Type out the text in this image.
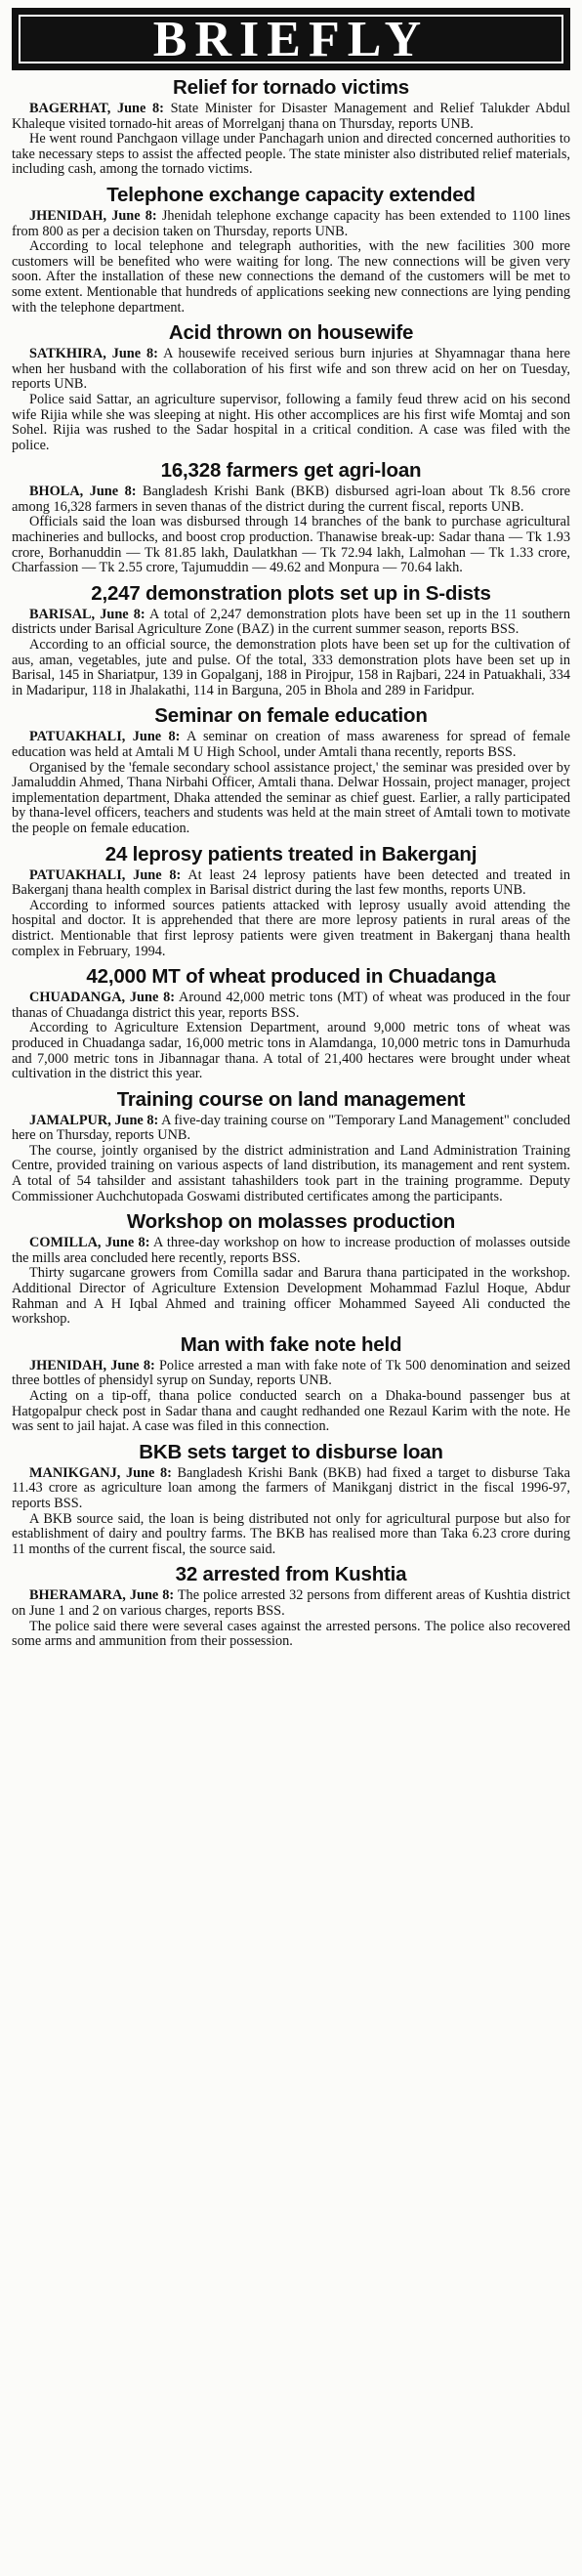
BRIEFLY
Relief for tornado victims

BAGERHAT, June 8: State Minister for Disaster Management and Relief Talukder Abdul Khaleque visited tornado-hit areas of Morrelganj thana on Thursday, reports UNB.

He went round Panchgaon village under Panchagarh union and directed concerned authorities to take necessary steps to assist the affected people. The state minister also distributed relief materials, including cash, among the tornado victims.

Telephone exchange capacity extended

JHENIDAH, June 8: Jhenidah telephone exchange capacity has been extended to 1100 lines from 800 as per a decision taken on Thursday, reports UNB.

According to local telephone and telegraph authorities, with the new facilities 300 more customers will be benefited who were waiting for long. The new connections will be given very soon. After the installation of these new connections the demand of the customers will be met to some extent. Mentionable that hundreds of applications seeking new connections are lying pending with the telephone department.

Acid thrown on housewife

SATKHIRA, June 8: A housewife received serious burn injuries at Shyamnagar thana here when her husband with the collaboration of his first wife and son threw acid on her on Tuesday, reports UNB.

Police said Sattar, an agriculture supervisor, following a family feud threw acid on his second wife Rijia while she was sleeping at night. His other accomplices are his first wife Momtaj and son Sohel. Rijia was rushed to the Sadar hospital in a critical condition. A case was filed with the police.

16,328 farmers get agri-loan

BHOLA, June 8: Bangladesh Krishi Bank (BKB) disbursed agri-loan about Tk 8.56 crore among 16,328 farmers in seven thanas of the district during the current fiscal, reports UNB.

Officials said the loan was disbursed through 14 branches of the bank to purchase agricultural machineries and bullocks, and boost crop production. Thanawise break-up: Sadar thana — Tk 1.93 crore, Borhanuddin — Tk 81.85 lakh, Daulatkhan — Tk 72.94 lakh, Lalmohan — Tk 1.33 crore, Charfassion — Tk 2.55 crore, Tajumuddin — 49.62 and Monpura — 70.64 lakh.

2,247 demonstration plots set up in S-dists

BARISAL, June 8: A total of 2,247 demonstration plots have been set up in the 11 southern districts under Barisal Agriculture Zone (BAZ) in the current summer season, reports BSS.

According to an official source, the demonstration plots have been set up for the cultivation of aus, aman, vegetables, jute and pulse. Of the total, 333 demonstration plots have been set up in Barisal, 145 in Shariatpur, 139 in Gopalganj, 188 in Pirojpur, 158 in Rajbari, 224 in Patuakhali, 334 in Madaripur, 118 in Jhalakathi, 114 in Barguna, 205 in Bhola and 289 in Faridpur.

Seminar on female education

PATUAKHALI, June 8: A seminar on creation of mass awareness for spread of female education was held at Amtali M U High School, under Amtali thana recently, reports BSS.

Organised by the 'female secondary school assistance project,' the seminar was presided over by Jamaluddin Ahmed, Thana Nirbahi Officer, Amtali thana. Delwar Hossain, project manager, project implementation department, Dhaka attended the seminar as chief guest. Earlier, a rally participated by thana-level officers, teachers and students was held at the main street of Amtali town to motivate the people on female education.

24 leprosy patients treated in Bakerganj

PATUAKHALI, June 8: At least 24 leprosy patients have been detected and treated in Bakerganj thana health complex in Barisal district during the last few months, reports UNB.

According to informed sources patients attacked with leprosy usually avoid attending the hospital and doctor. It is apprehended that there are more leprosy patients in rural areas of the district. Mentionable that first leprosy patients were given treatment in Bakerganj thana health complex in February, 1994.

42,000 MT of wheat produced in Chuadanga

CHUADANGA, June 8: Around 42,000 metric tons (MT) of wheat was produced in the four thanas of Chuadanga district this year, reports BSS.

According to Agriculture Extension Department, around 9,000 metric tons of wheat was produced in Chuadanga sadar, 16,000 metric tons in Alamdanga, 10,000 metric tons in Damurhuda and 7,000 metric tons in Jibannagar thana. A total of 21,400 hectares were brought under wheat cultivation in the district this year.

Training course on land management

JAMALPUR, June 8: A five-day training course on "Temporary Land Management" concluded here on Thursday, reports UNB.

The course, jointly organised by the district administration and Land Administration Training Centre, provided training on various aspects of land distribution, its management and rent system. A total of 54 tahsilder and assistant tahashilders took part in the training programme. Deputy Commissioner Auchchutopada Goswami distributed certificates among the participants.

Workshop on molasses production

COMILLA, June 8: A three-day workshop on how to increase production of molasses outside the mills area concluded here recently, reports BSS.

Thirty sugarcane growers from Comilla sadar and Barura thana participated in the workshop. Additional Director of Agriculture Extension Development Mohammad Fazlul Hoque, Abdur Rahman and A H Iqbal Ahmed and training officer Mohammed Sayeed Ali conducted the workshop.

Man with fake note held

JHENIDAH, June 8: Police arrested a man with fake note of Tk 500 denomination and seized three bottles of phensidyl syrup on Sunday, reports UNB.

Acting on a tip-off, thana police conducted search on a Dhaka-bound passenger bus at Hatgopalpur check post in Sadar thana and caught redhanded one Rezaul Karim with the note. He was sent to jail hajat. A case was filed in this connection.

BKB sets target to disburse loan

MANIKGANJ, June 8: Bangladesh Krishi Bank (BKB) had fixed a target to disburse Taka 11.43 crore as agriculture loan among the farmers of Manikganj district in the fiscal 1996-97, reports BSS.

A BKB source said, the loan is being distributed not only for agricultural purpose but also for establishment of dairy and poultry farms. The BKB has realised more than Taka 6.23 crore during 11 months of the current fiscal, the source said.

32 arrested from Kushtia

BHERAMARA, June 8: The police arrested 32 persons from different areas of Kushtia district on June 1 and 2 on various charges, reports BSS.

The police said there were several cases against the arrested persons. The police also recovered some arms and ammunition from their possession.
